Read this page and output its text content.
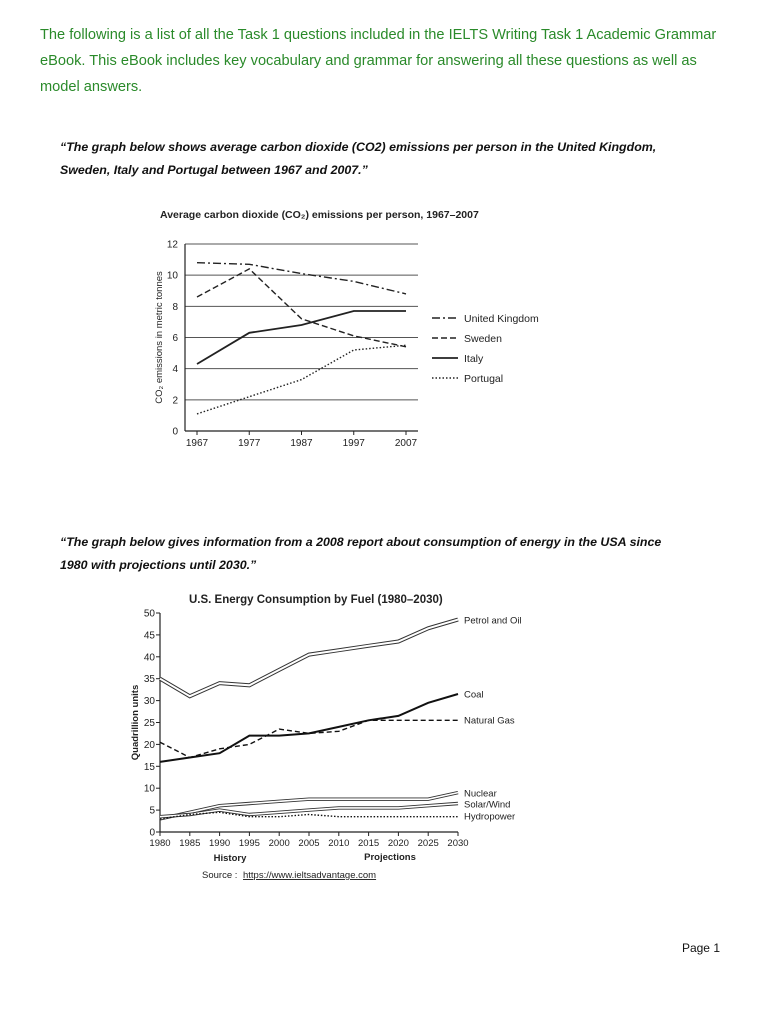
The following is a list of all the Task 1 questions included in the IELTS Writing Task 1 Academic Grammar eBook. This eBook includes key vocabulary and grammar for answering all these questions as well as model answers.

“The graph below shows average carbon dioxide (CO2) emissions per person in the United Kingdom, Sweden, Italy and Portugal between 1967 and 2007.”

Average carbon dioxide (CO₂) emissions per person, 1967–2007
0
2
4
6
8
10
12
1967	1977	1987	1997	2007
CO₂ emissions in metric tonnes	United Kingdom
Sweden
Italy
Portugal

“The graph below gives information from a 2008 report about consumption of energy in the USA since 1980 with projections until 2030.”

U.S. Energy Consumption by Fuel (1980–2030)
0
5
10
15
20
25
30
35
40
45
50
1980 1985 1990 1995 2000 2005 2010 2015 2020 2025 2030
Quadrillion units
History	Projections
Source : https://www.ieltsadvantage.com
Petrol and Oil
Coal
Natural Gas
Nuclear
Solar/Wind
Hydropower

Page 1
